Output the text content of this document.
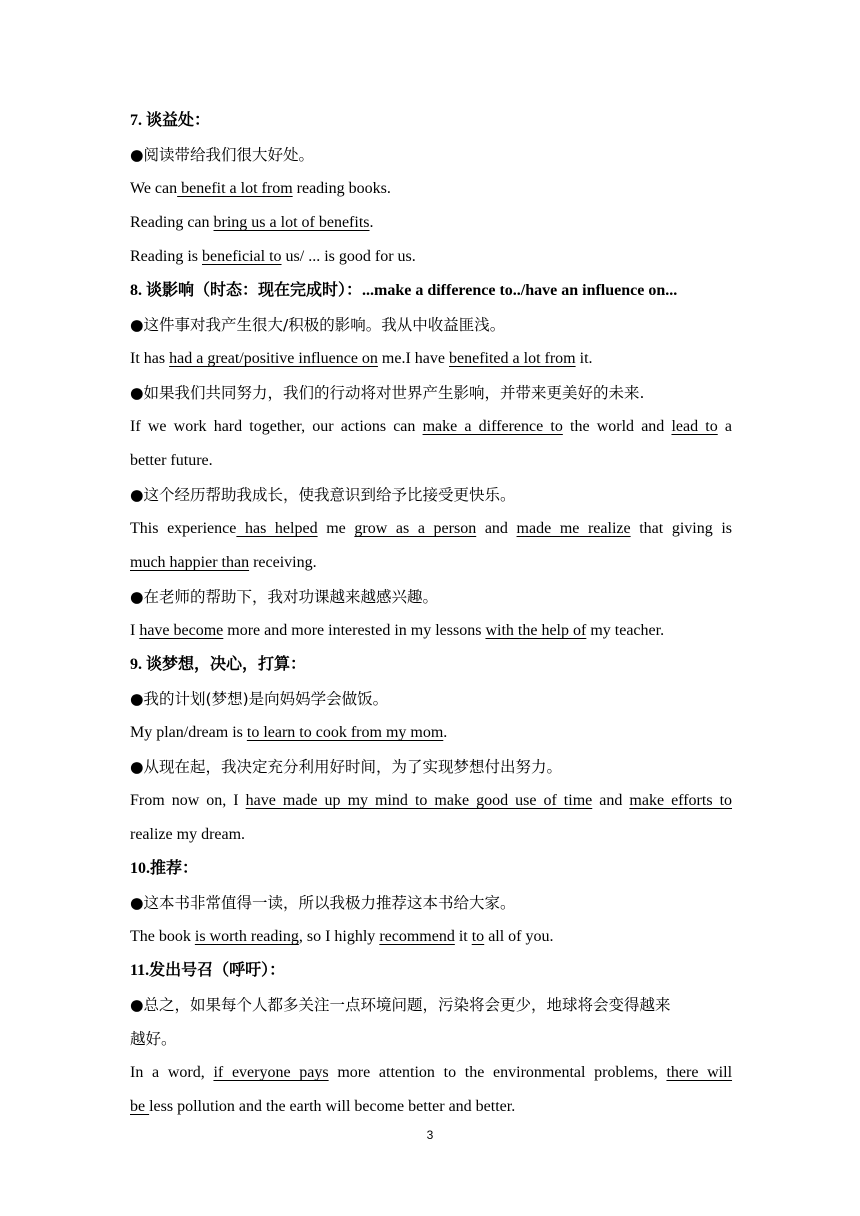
7. 谈益处：
●阅读带给我们很大好处。
We can benefit a lot from reading books.
Reading can bring us a lot of benefits.
Reading is beneficial to us/ ... is good for us.
8. 谈影响（时态：现在完成时）：...make a difference to../have an influence on...
●这件事对我产生很大/积极的影响。我从中收益匪浅。
It has had a great/positive influence on me.I have benefited a lot from it.
●如果我们共同努力，我们的行动将对世界产生影响，并带来更美好的未来.
If we work hard together, our actions can make a difference to the world and lead to a
better future.
●这个经历帮助我成长，使我意识到给予比接受更快乐。
This experience has helped me grow as a person and made me realize that giving is
much happier than receiving.
●在老师的帮助下，我对功课越来越感兴趣。
I have become more and more interested in my lessons with the help of my teacher.
9. 谈梦想，决心，打算：
●我的计划(梦想)是向妈妈学会做饭。
My plan/dream is to learn to cook from my mom.
●从现在起，我决定充分利用好时间，为了实现梦想付出努力。
From now on, I have made up my mind to make good use of time and make efforts to
realize my dream.
10.推荐：
●这本书非常值得一读，所以我极力推荐这本书给大家。
The book is worth reading, so I highly recommend it to all of you.
11.发出号召（呼吁）：
●总之，如果每个人都多关注一点环境问题，污染将会更少，地球将会变得越来
越好。
In a word, if everyone pays more attention to the environmental problems, there will
be less pollution and the earth will become better and better.
3
